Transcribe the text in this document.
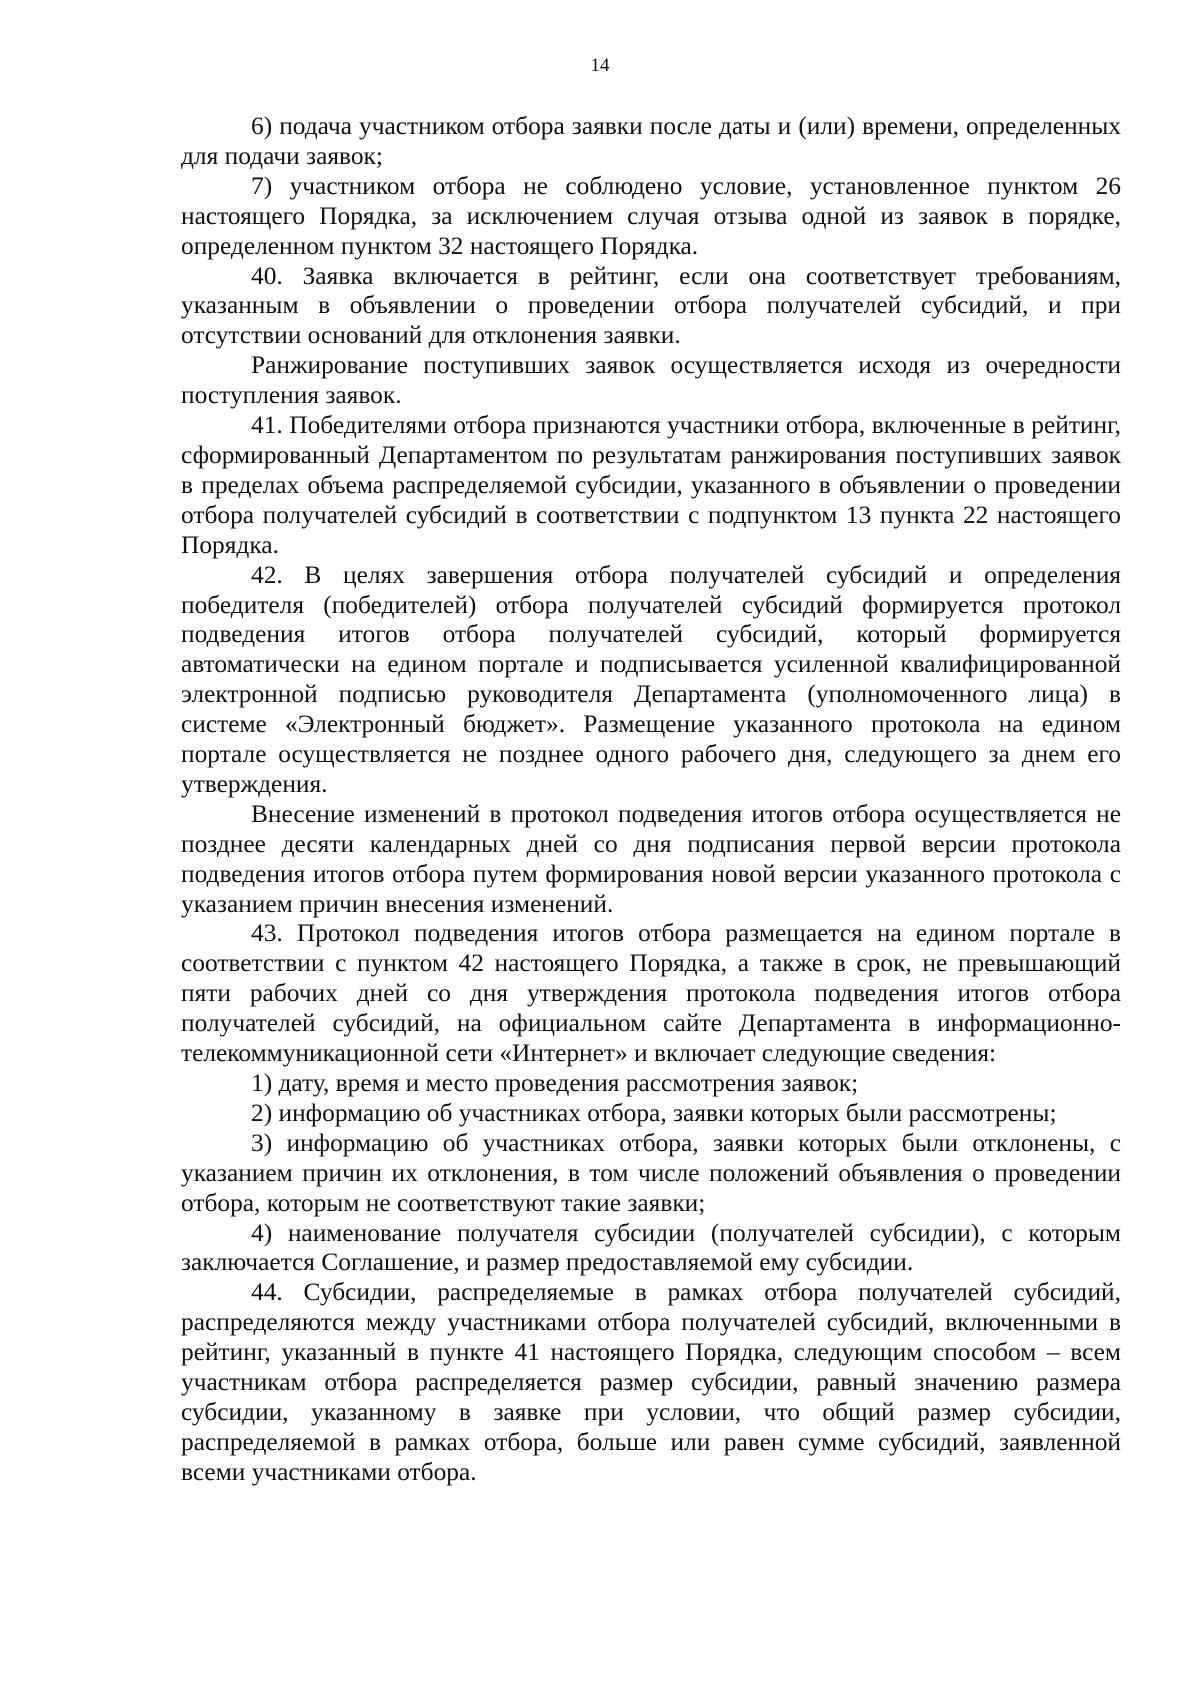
14

6) подача участником отбора заявки после даты и (или) времени, определенных для подачи заявок;

7) участником отбора не соблюдено условие, установленное пунктом 26 настоящего Порядка, за исключением случая отзыва одной из заявок в порядке, определенном пунктом 32 настоящего Порядка.

40. Заявка включается в рейтинг, если она соответствует требованиям, указанным в объявлении о проведении отбора получателей субсидий, и при отсутствии оснований для отклонения заявки.

Ранжирование поступивших заявок осуществляется исходя из очередности поступления заявок.

41. Победителями отбора признаются участники отбора, включенные в рейтинг, сформированный Департаментом по результатам ранжирования поступивших заявок в пределах объема распределяемой субсидии, указанного в объявлении о проведении отбора получателей субсидий в соответствии с подпунктом 13 пункта 22 настоящего Порядка.

42. В целях завершения отбора получателей субсидий и определения победителя (победителей) отбора получателей субсидий формируется протокол подведения итогов отбора получателей субсидий, который формируется автоматически на едином портале и подписывается усиленной квалифицированной электронной подписью руководителя Департамента (уполномоченного лица) в системе «Электронный бюджет». Размещение указанного протокола на едином портале осуществляется не позднее одного рабочего дня, следующего за днем его утверждения.

Внесение изменений в протокол подведения итогов отбора осуществляется не позднее десяти календарных дней со дня подписания первой версии протокола подведения итогов отбора путем формирования новой версии указанного протокола с указанием причин внесения изменений.

43. Протокол подведения итогов отбора размещается на едином портале в соответствии с пунктом 42 настоящего Порядка, а также в срок, не превышающий пяти рабочих дней со дня утверждения протокола подведения итогов отбора получателей субсидий, на официальном сайте Департамента в информационно-телекоммуникационной сети «Интернет» и включает следующие сведения:

1) дату, время и место проведения рассмотрения заявок;

2) информацию об участниках отбора, заявки которых были рассмотрены;

3) информацию об участниках отбора, заявки которых были отклонены, с указанием причин их отклонения, в том числе положений объявления о проведении отбора, которым не соответствуют такие заявки;

4) наименование получателя субсидии (получателей субсидии), с которым заключается Соглашение, и размер предоставляемой ему субсидии.

44. Субсидии, распределяемые в рамках отбора получателей субсидий, распределяются между участниками отбора получателей субсидий, включенными в рейтинг, указанный в пункте 41 настоящего Порядка, следующим способом – всем участникам отбора распределяется размер субсидии, равный значению размера субсидии, указанному в заявке при условии, что общий размер субсидии, распределяемой в рамках отбора, больше или равен сумме субсидий, заявленной всеми участниками отбора.
